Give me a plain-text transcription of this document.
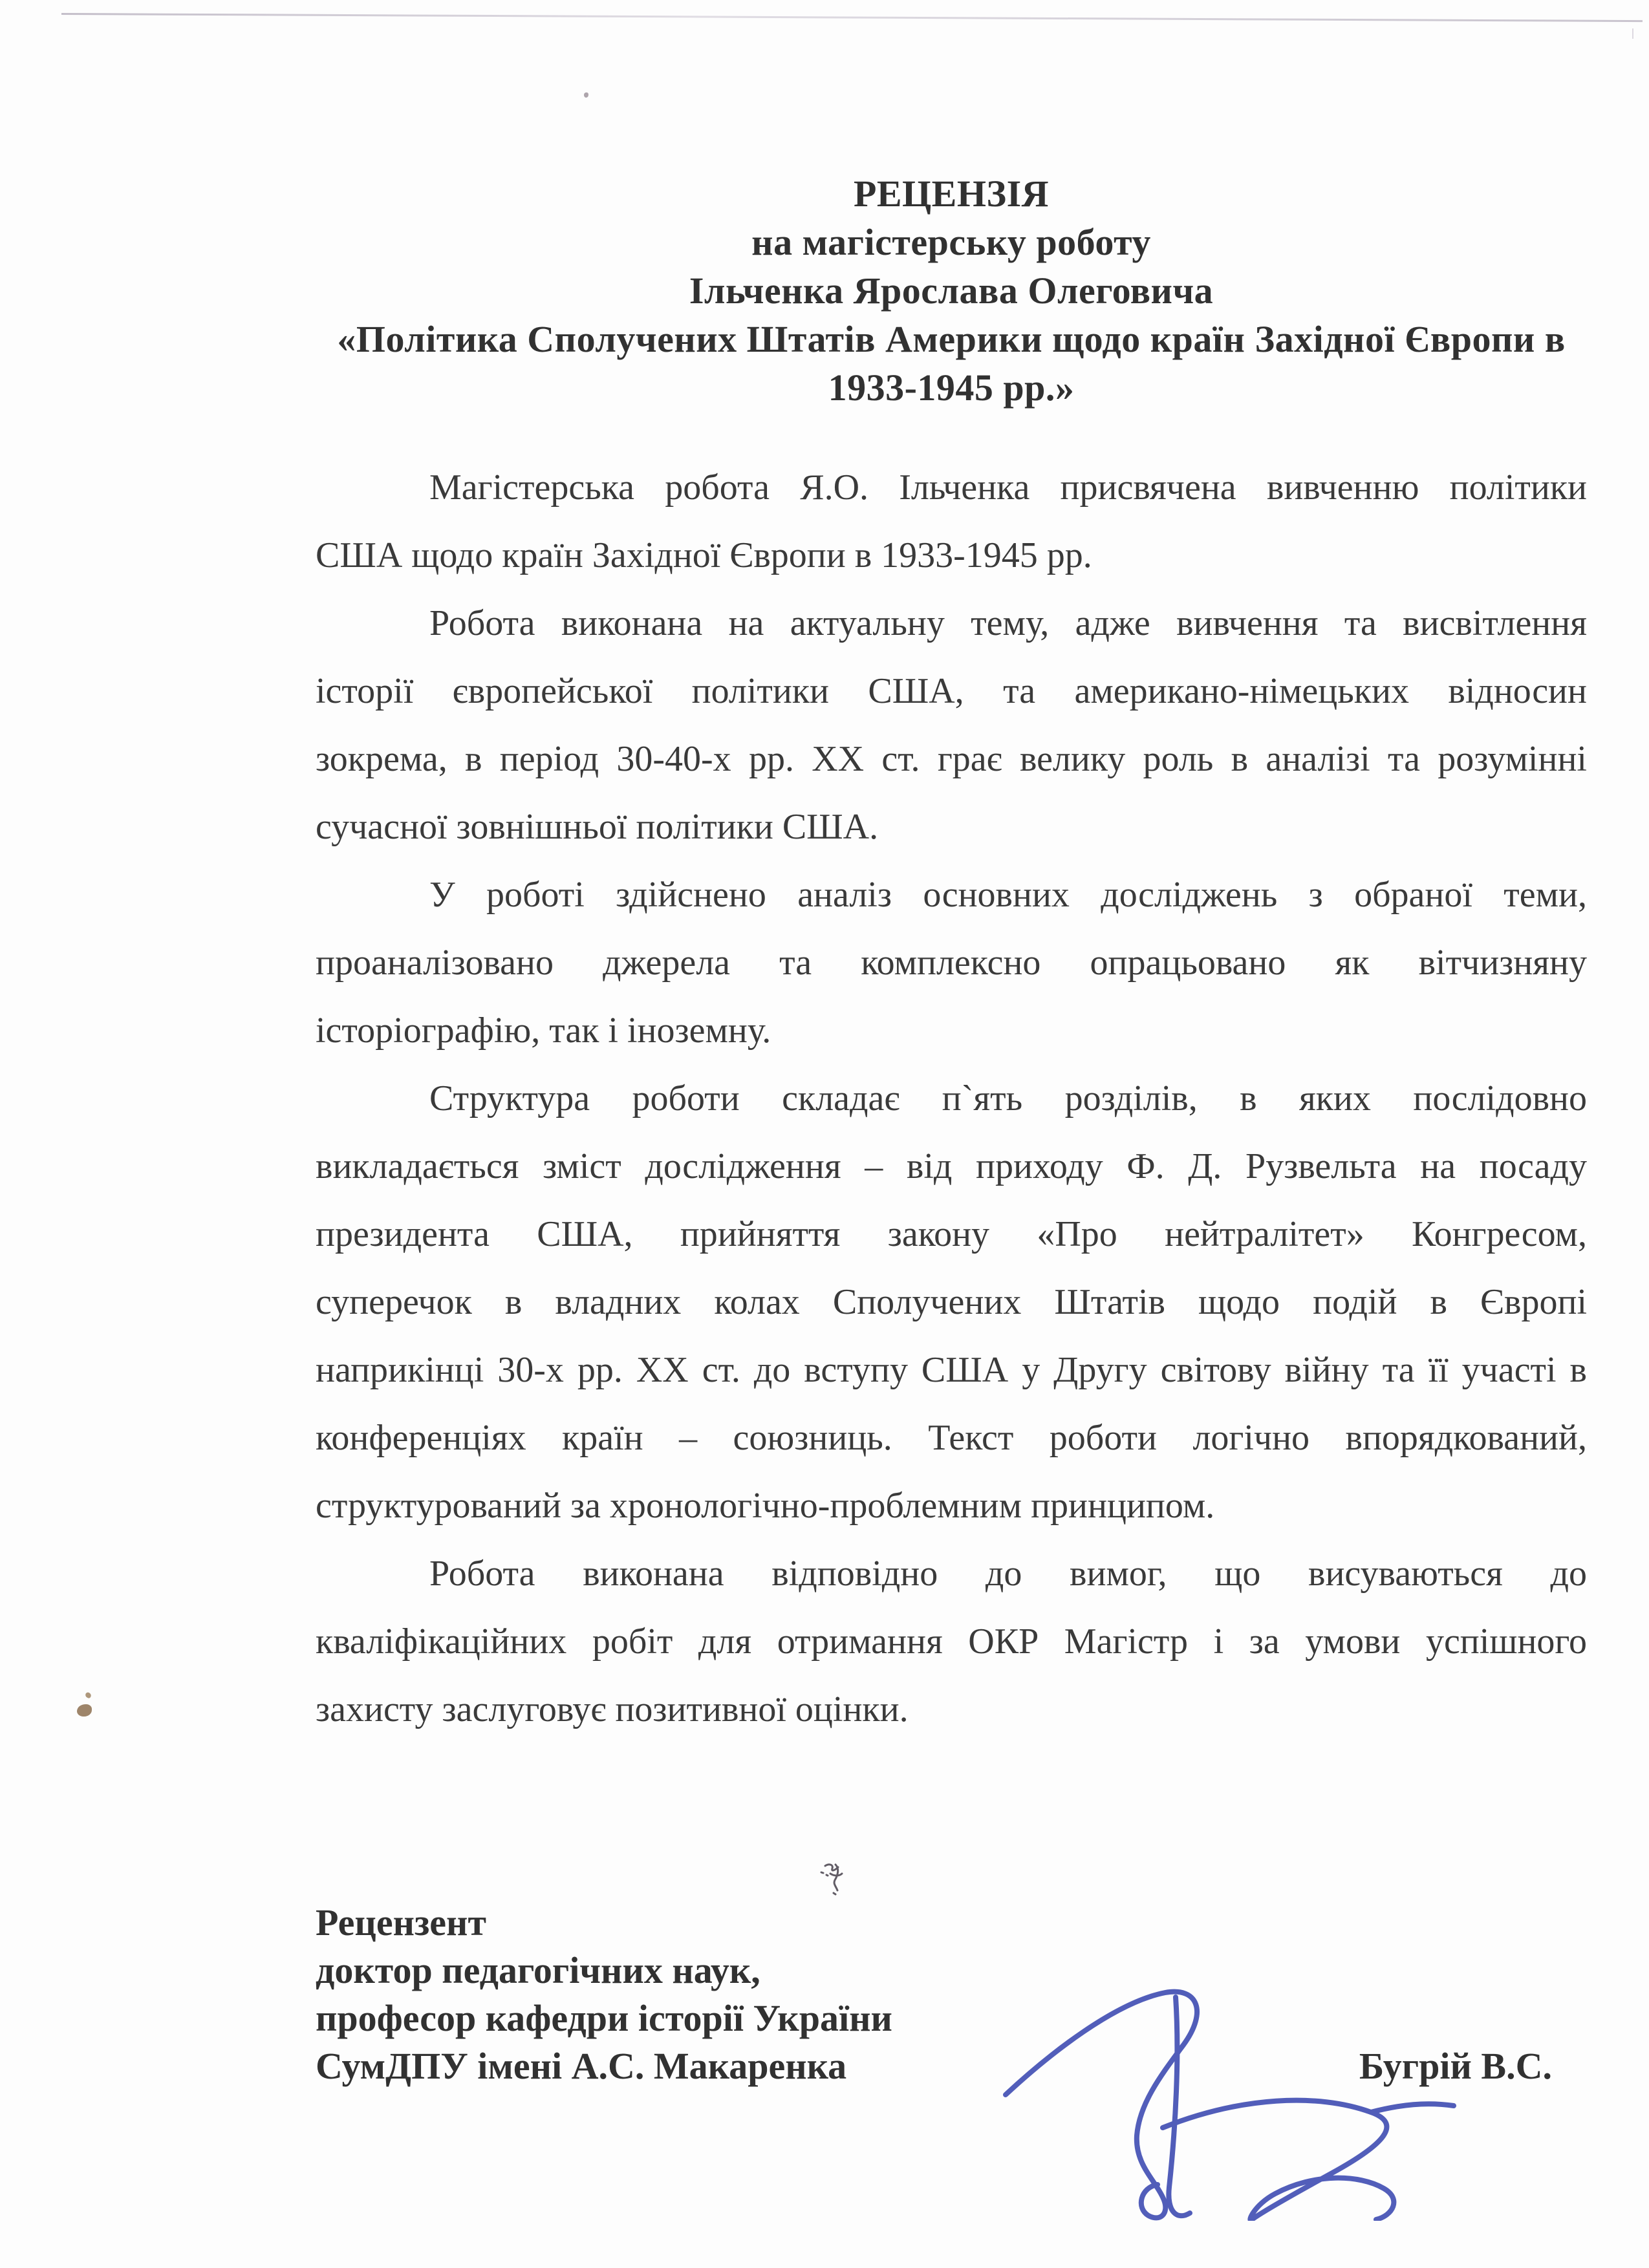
РЕЦЕНЗІЯ
на магістерську роботу
Ільченка Ярослава Олеговича
«Політика Сполучених Штатів Америки щодо країн Західної Європи в
1933-1945 рр.»
Магістерська робота Я.О. Ільченка присвячена вивченню політики
США щодо країн Західної Європи в 1933-1945 рр.
Робота виконана на актуальну тему, адже вивчення та висвітлення
історії європейської політики США, та американо-німецьких відносин
зокрема, в період 30-40-х рр. XX ст. грає велику роль в аналізі та розумінні
сучасної зовнішньої політики США.
У роботі здійснено аналіз основних досліджень з обраної теми,
проаналізовано джерела та комплексно опрацьовано як вітчизняну
історіографію, так і іноземну.
Структура роботи складає п`ять розділів, в яких послідовно
викладається зміст дослідження – від приходу Ф. Д. Рузвельта на посаду
президента США, прийняття закону «Про нейтралітет» Конгресом,
суперечок в владних колах Сполучених Штатів щодо подій в Європі
наприкінці 30-х рр. XX ст. до вступу США у Другу світову війну та її участі в
конференціях країн – союзниць. Текст роботи логічно впорядкований,
структурований за хронологічно-проблемним принципом.
Робота виконана відповідно до вимог, що висуваються до
кваліфікаційних робіт для отримання ОКР Магістр і за умови успішного
захисту заслуговує позитивної оцінки.
Рецензент
доктор педагогічних наук,
професор кафедри історії України
СумДПУ імені А.С. Макаренка	Бугрій В.С.
